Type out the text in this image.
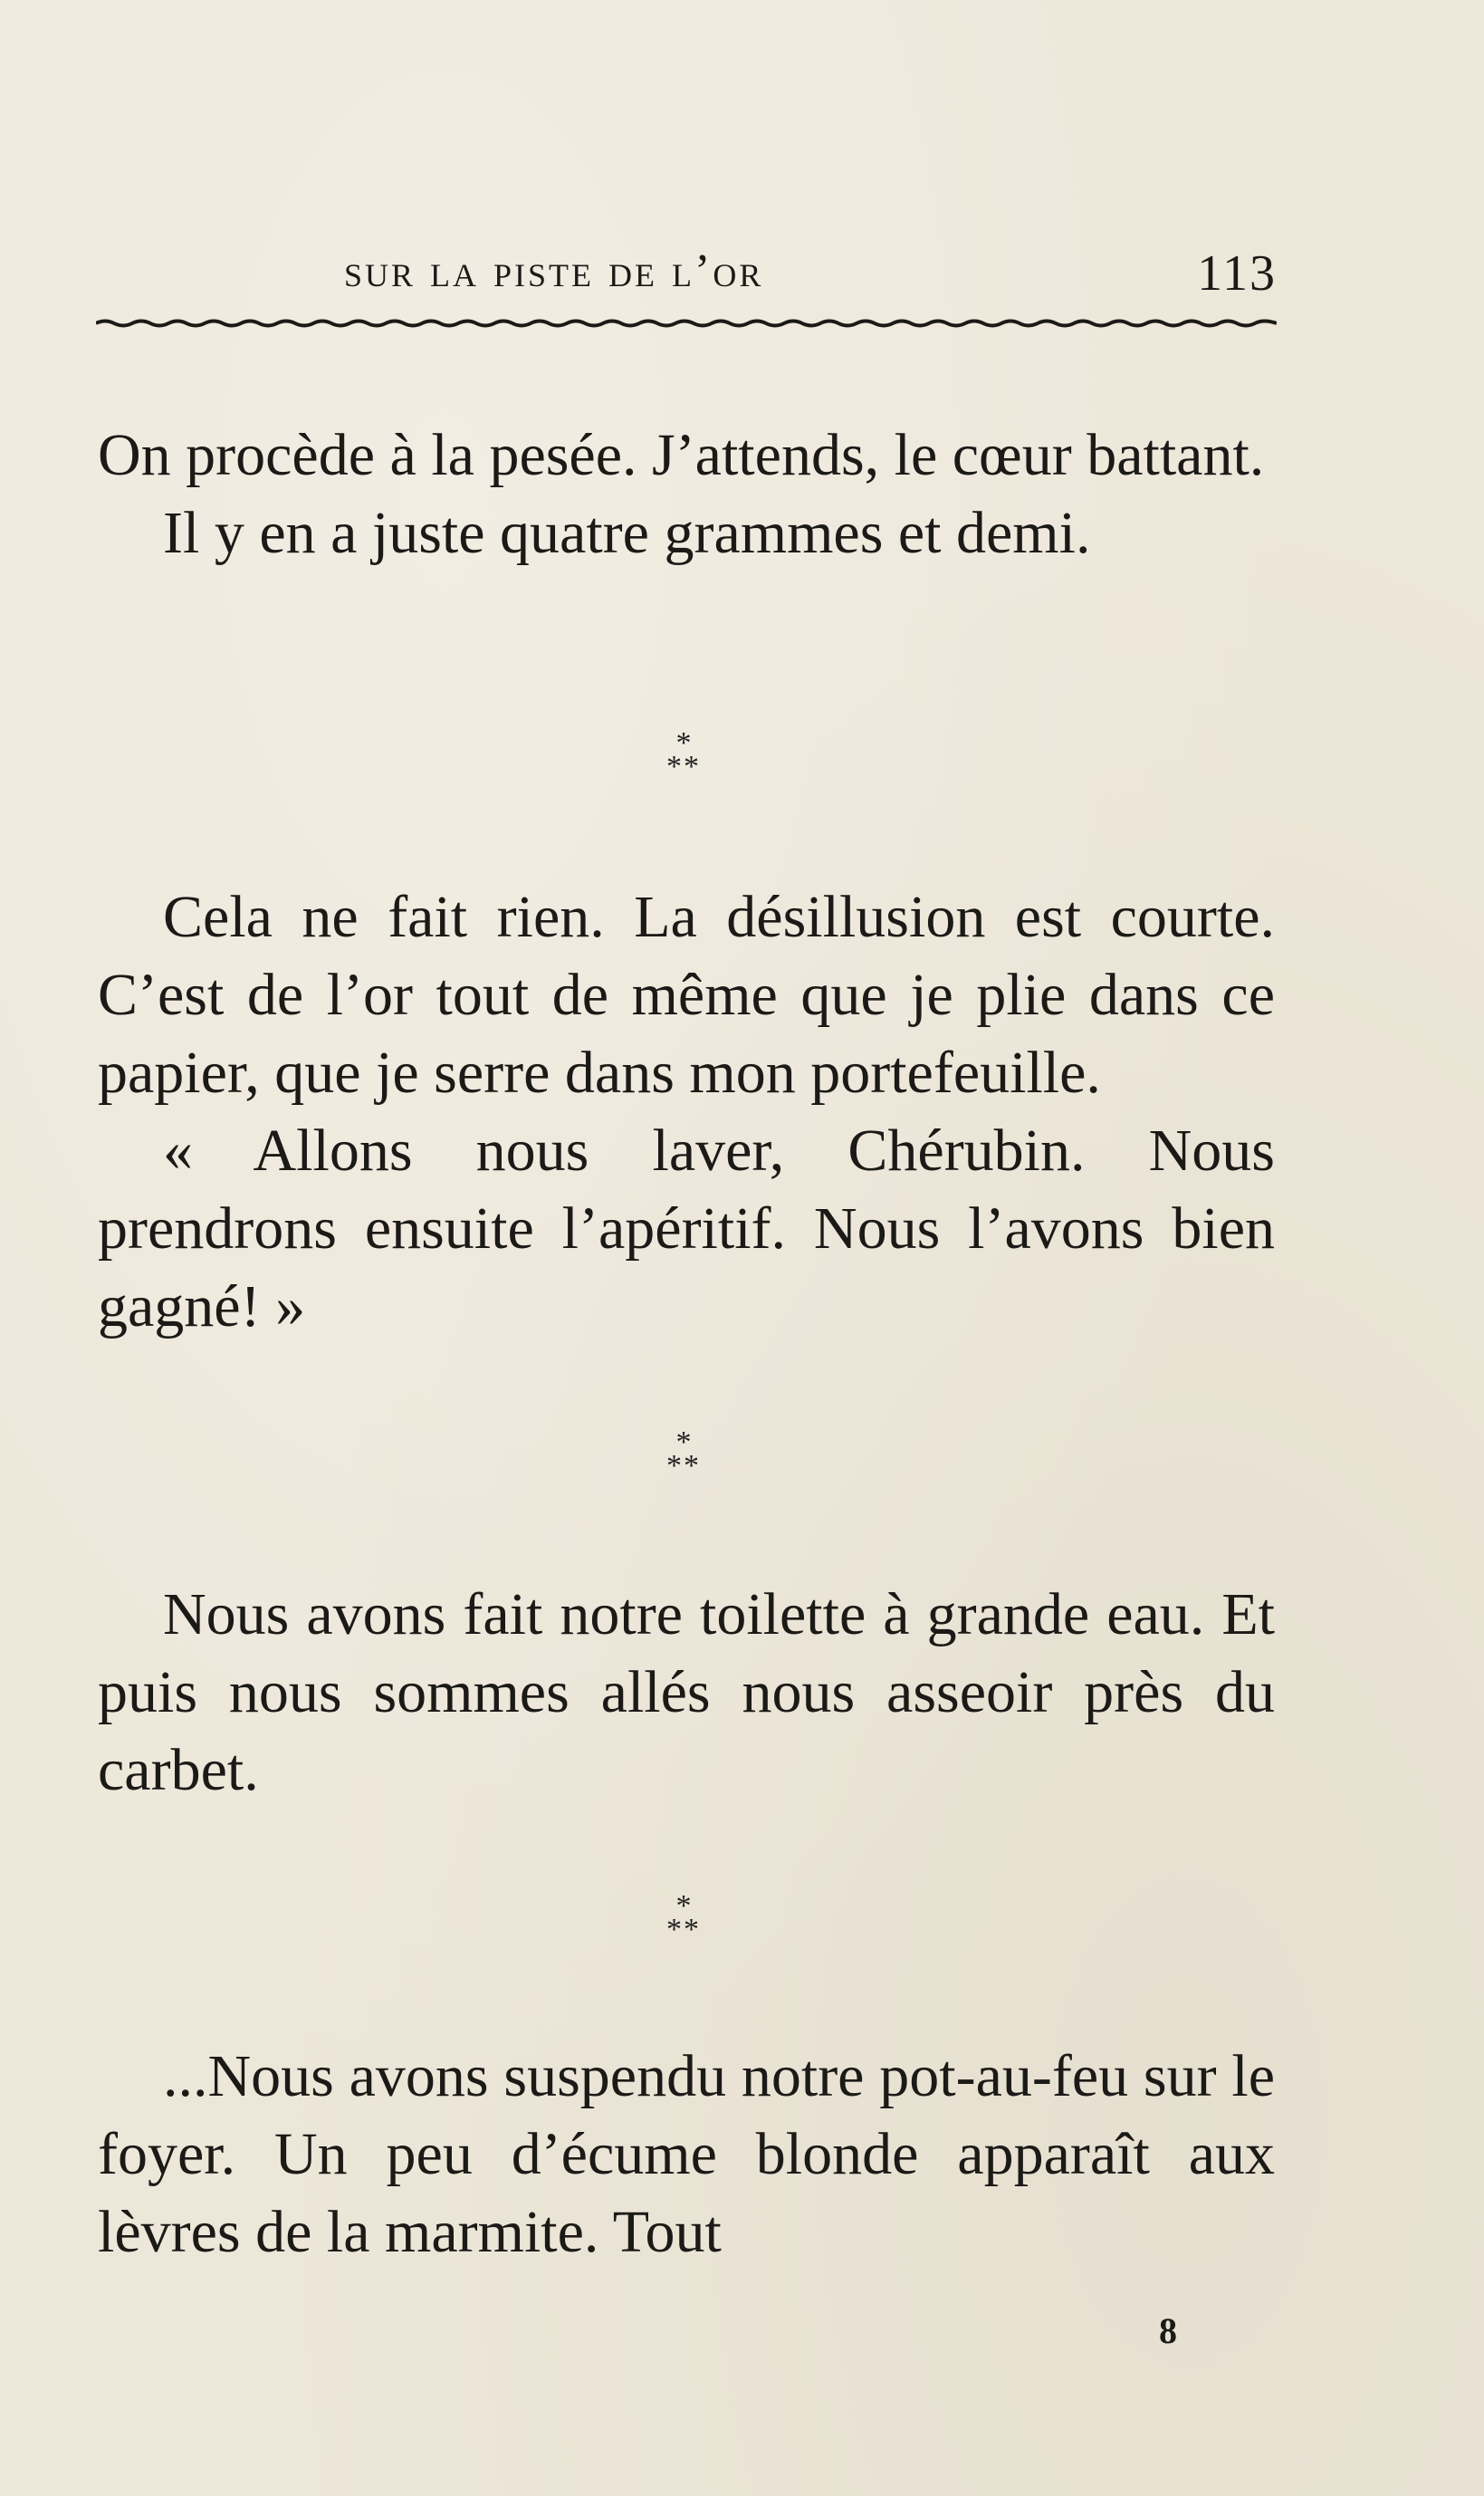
sur la piste de l’or	113

On procède à la pesée. J’attends, le cœur battant.

Il y en a juste quatre grammes et demi.

*
**

Cela ne fait rien. La désillusion est courte. C’est de l’or tout de même que je plie dans ce papier, que je serre dans mon portefeuille.

« Allons nous laver, Chérubin. Nous prendrons ensuite l’apéritif. Nous l’avons bien gagné! »

*
**

Nous avons fait notre toilette à grande eau. Et puis nous sommes allés nous asseoir près du carbet.

*
**

...Nous avons suspendu notre pot-au-feu sur le foyer. Un peu d’écume blonde apparaît aux lèvres de la marmite. Tout

8
